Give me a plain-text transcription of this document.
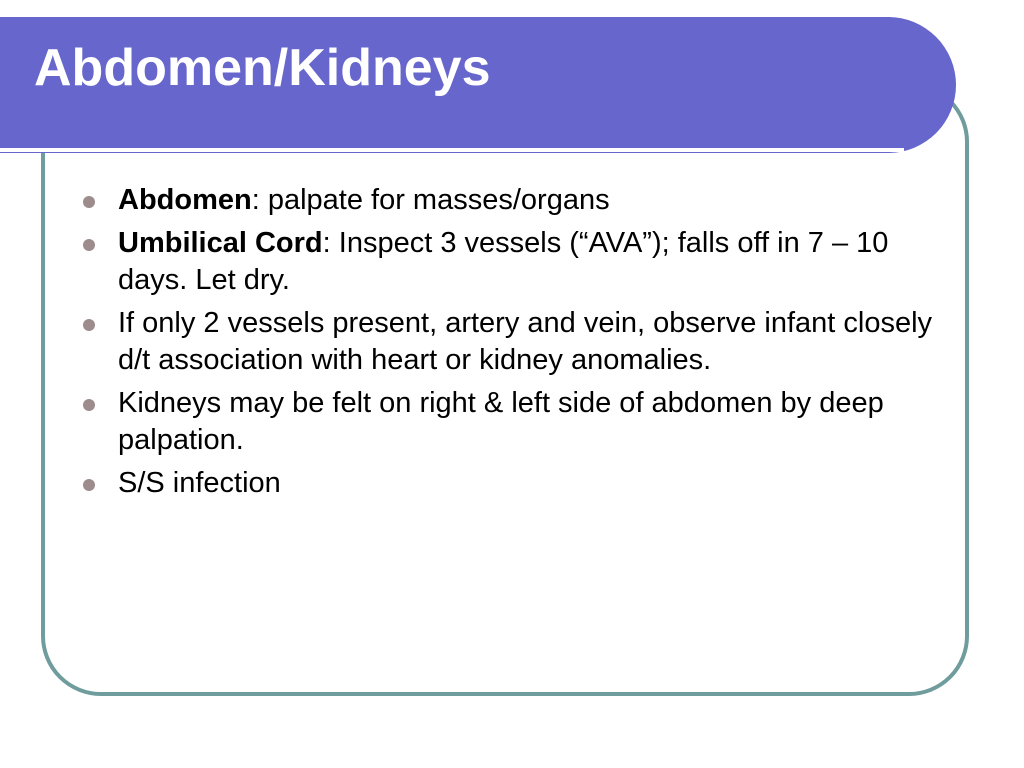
Abdomen/Kidneys
Abdomen: palpate for masses/organs
Umbilical Cord: Inspect 3 vessels (“AVA”); falls off in 7 – 10 days. Let dry.
If only 2 vessels present, artery and vein, observe infant closely d/t association with heart or kidney anomalies.
Kidneys may be felt on right & left side of abdomen by deep palpation.
S/S infection
